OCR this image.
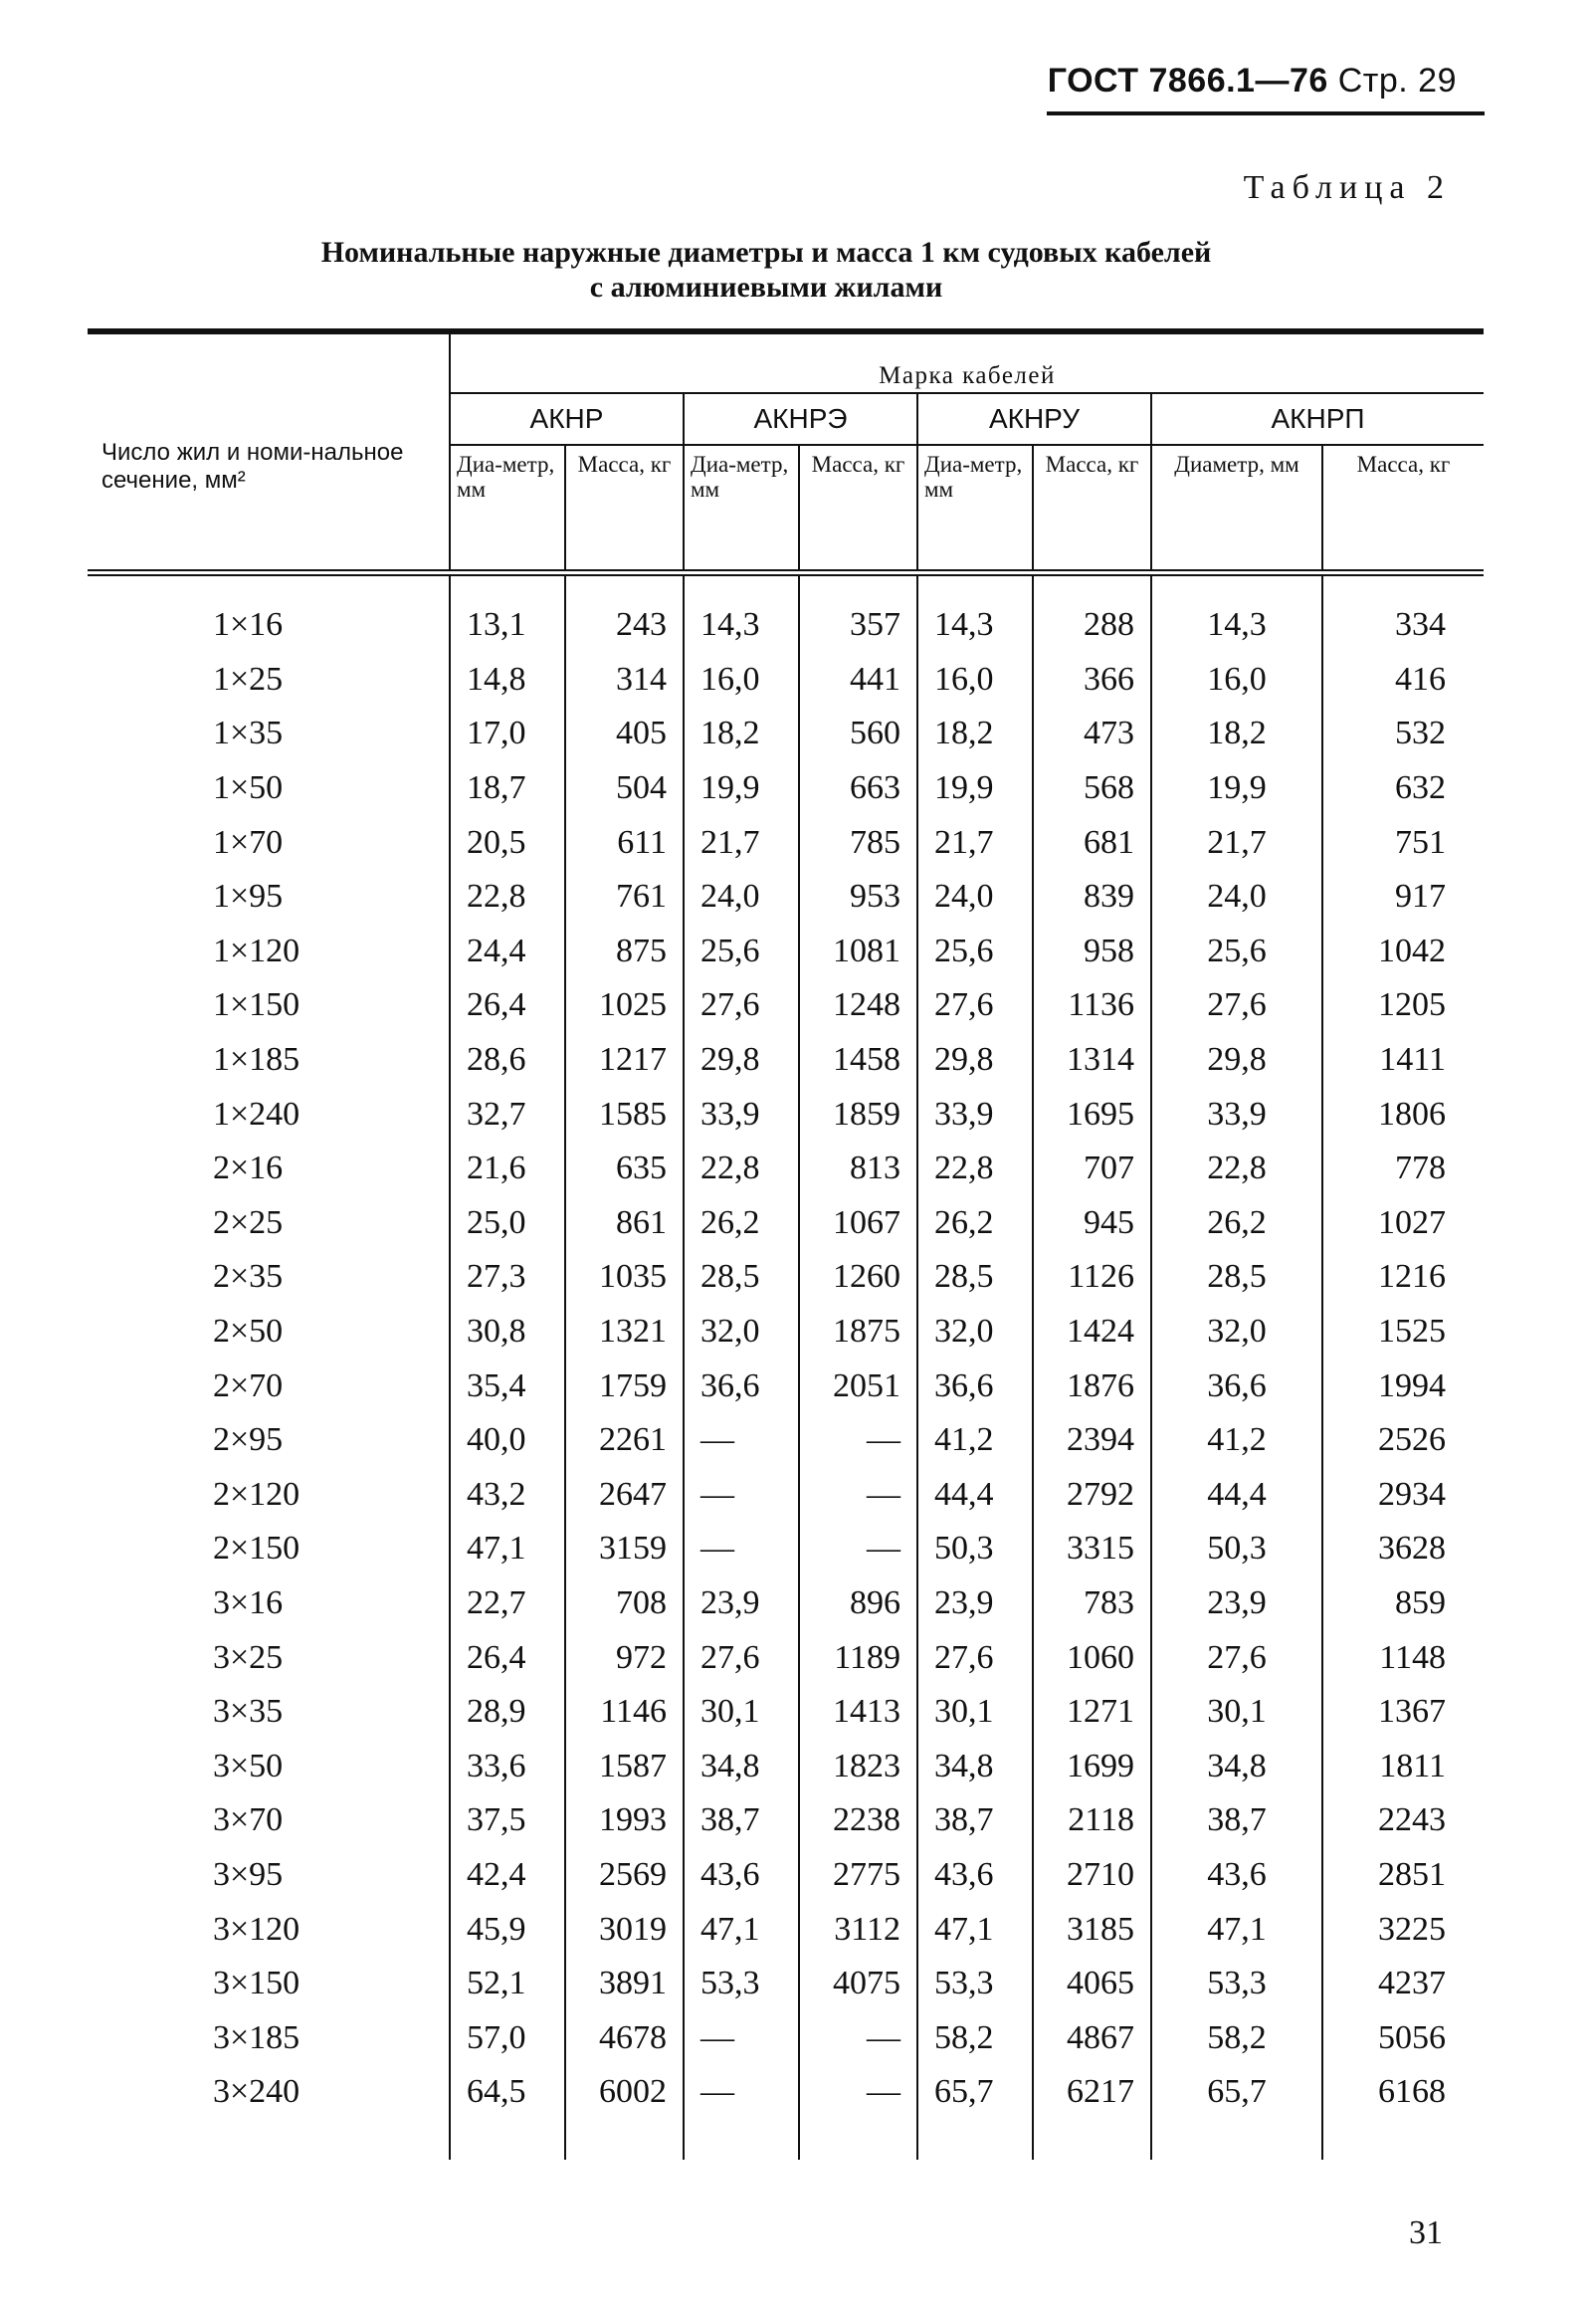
ГОСТ 7866.1—76 Стр. 29
Таблица 2
Номинальные наружные диаметры и масса 1 км судовых кабелей
с алюминиевыми жилами
Число жил и номи-нальное сечение, мм²	Марка кабелей							
	АКНР		АКНРЭ		АКНРУ		АКНРП	
	Диа-метр, мм	Масса, кг	Диа-метр, мм	Масса, кг	Диа-метр, мм	Масса, кг	Диаметр, мм	Масса, кг
1×16	13,1	243	14,3	357	14,3	288	14,3	334
1×25	14,8	314	16,0	441	16,0	366	16,0	416
1×35	17,0	405	18,2	560	18,2	473	18,2	532
1×50	18,7	504	19,9	663	19,9	568	19,9	632
1×70	20,5	611	21,7	785	21,7	681	21,7	751
1×95	22,8	761	24,0	953	24,0	839	24,0	917
1×120	24,4	875	25,6	1081	25,6	958	25,6	1042
1×150	26,4	1025	27,6	1248	27,6	1136	27,6	1205
1×185	28,6	1217	29,8	1458	29,8	1314	29,8	1411
1×240	32,7	1585	33,9	1859	33,9	1695	33,9	1806
2×16	21,6	635	22,8	813	22,8	707	22,8	778
2×25	25,0	861	26,2	1067	26,2	945	26,2	1027
2×35	27,3	1035	28,5	1260	28,5	1126	28,5	1216
2×50	30,8	1321	32,0	1875	32,0	1424	32,0	1525
2×70	35,4	1759	36,6	2051	36,6	1876	36,6	1994
2×95	40,0	2261	—	—	41,2	2394	41,2	2526
2×120	43,2	2647	—	—	44,4	2792	44,4	2934
2×150	47,1	3159	—	—	50,3	3315	50,3	3628
3×16	22,7	708	23,9	896	23,9	783	23,9	859
3×25	26,4	972	27,6	1189	27,6	1060	27,6	1148
3×35	28,9	1146	30,1	1413	30,1	1271	30,1	1367
3×50	33,6	1587	34,8	1823	34,8	1699	34,8	1811
3×70	37,5	1993	38,7	2238	38,7	2118	38,7	2243
3×95	42,4	2569	43,6	2775	43,6	2710	43,6	2851
3×120	45,9	3019	47,1	3112	47,1	3185	47,1	3225
3×150	52,1	3891	53,3	4075	53,3	4065	53,3	4237
3×185	57,0	4678	—	—	58,2	4867	58,2	5056
3×240	64,5	6002	—	—	65,7	6217	65,7	6168
31
